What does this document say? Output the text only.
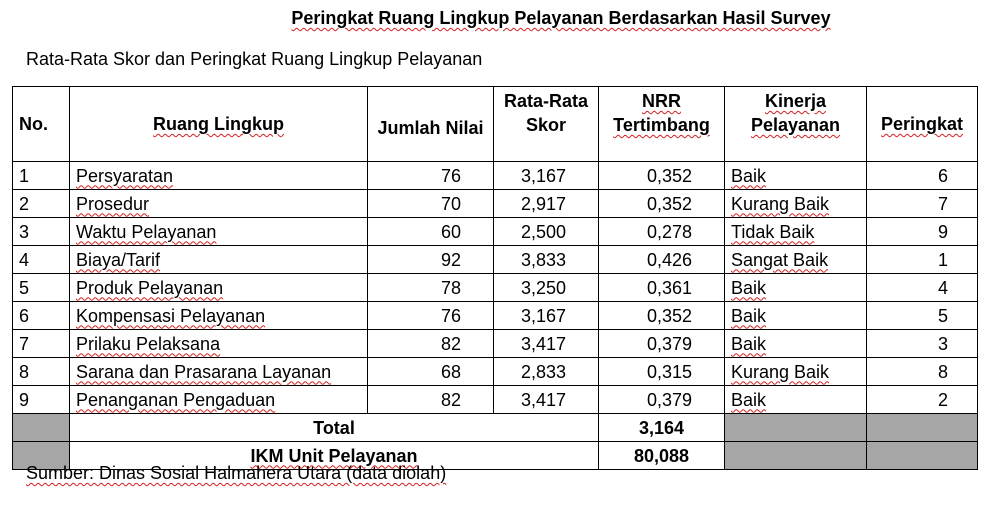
Peringkat Ruang Lingkup Pelayanan Berdasarkan Hasil Survey
Rata-Rata Skor dan Peringkat Ruang Lingkup Pelayanan
No.	Ruang Lingkup	Jumlah Nilai	Rata-Rata Skor	NRR Tertimbang	Kinerja Pelayanan	Peringkat
1	Persyaratan	76	3,167	0,352	Baik	6
2	Prosedur	70	2,917	0,352	Kurang Baik	7
3	Waktu Pelayanan	60	2,500	0,278	Tidak Baik	9
4	Biaya/Tarif	92	3,833	0,426	Sangat Baik	1
5	Produk Pelayanan	78	3,250	0,361	Baik	4
6	Kompensasi Pelayanan	76	3,167	0,352	Baik	5
7	Prilaku Pelaksana	82	3,417	0,379	Baik	3
8	Sarana dan Prasarana Layanan	68	2,833	0,315	Kurang Baik	8
9	Penanganan Pengaduan	82	3,417	0,379	Baik	2
	Total			3,164		
	IKM Unit Pelayanan			80,088		
Sumber: Dinas Sosial Halmahera Utara (data diolah)
